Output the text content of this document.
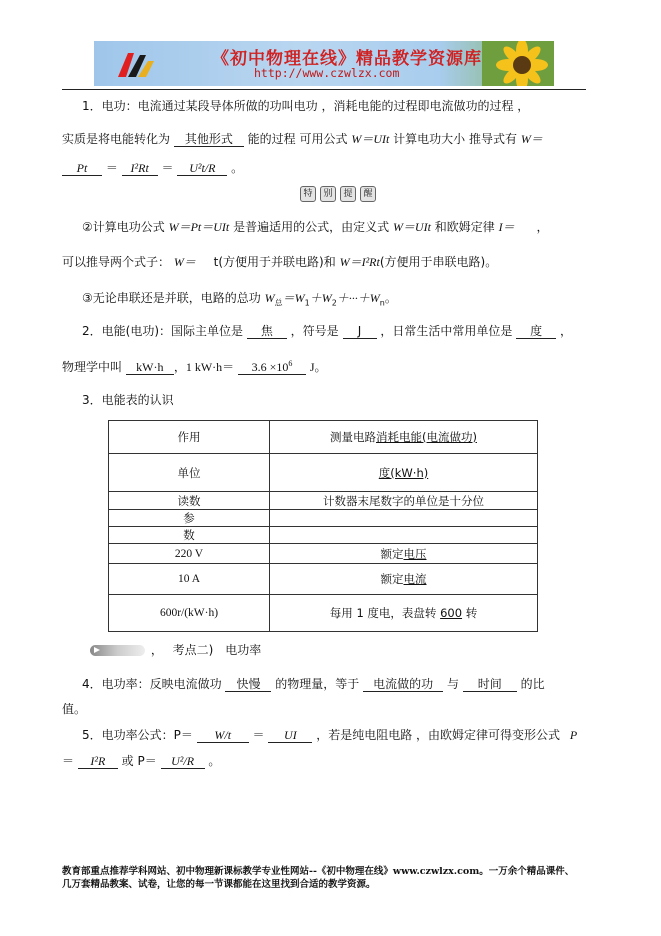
《初中物理在线》精品教学资源库
http://www.czwlzx.com
1．电功：电流通过某段导体所做的功叫电功 ，消耗电能的过程即电流做功的过程 ，
实质是将电能转化为 其他形式 能的过程 可用公式 W＝UIt 计算电功大小 推导式有 W＝
Pt ＝ I²Rt ＝ U²t/R 。
特	别	提	醒
②计算电功公式 W＝Pt＝UIt 是普遍适用的公式，由定义式 W＝UIt 和欧姆定律 I＝ ，
可以推导两个式子： W＝ t(方便用于并联电路)和 W＝I²Rt(方便用于串联电路)。
③无论串联还是并联，电路的总功 $W_总=W_1+W_2+\cdot\cdot\cdot+W_n$。
2．电能(电功)：国际主单位是 焦 ，符号是 J ，日常生活中常用单位是 度 ，
物理学中叫 kW·h ，1 $kW\cdot h= 3.6 \times 10^6$ J。
3．电能表的认识
作用	测量电路消耗电能(电流做功)
单位	度(kW·h)
读数	计数器末尾数字的单位是十分位
参	
数	
220 V	额定电压
10 A	额定电流
600r/(kW·h)	每用 1 度电，表盘转 600 转
， 考点二) 电功率
4．电功率：反映电流做功 快慢 的物理量，等于 电流做的功 与 时间 的比
值。
5．电功率公式：P＝ W/t ＝ UI ，若是纯电阻电路 ，由欧姆定律可得变形公式 P
＝ I²R 或 P＝ U²/R 。
教育部重点推荐学科网站、初中物理新课标教学专业性网站--《初中物理在线》www.czwlzx.com。一万余个精品课件、
几万套精品教案、试卷，让您的每一节课都能在这里找到合适的教学资源。
